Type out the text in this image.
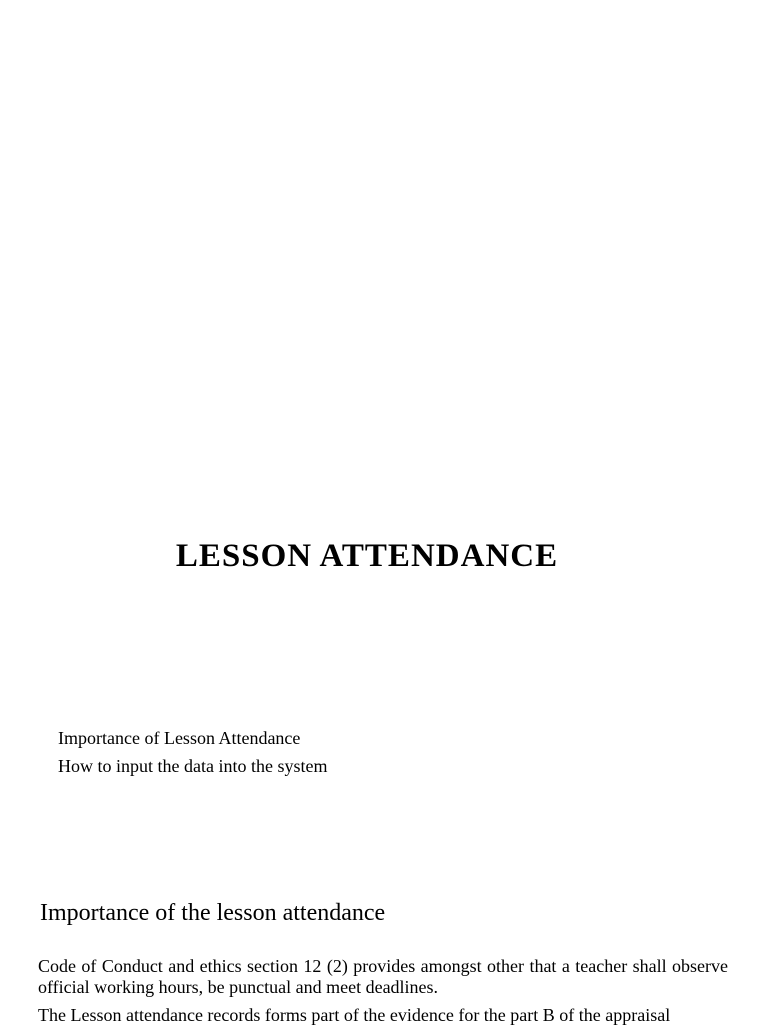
LESSON ATTENDANCE
Importance of Lesson Attendance
How to input the data into the system
Importance of the lesson attendance

Code of Conduct and ethics section 12 (2) provides amongst other that a teacher shall observe official working hours, be punctual and meet deadlines.

The Lesson attendance records forms part of the evidence for the part B of the appraisal
